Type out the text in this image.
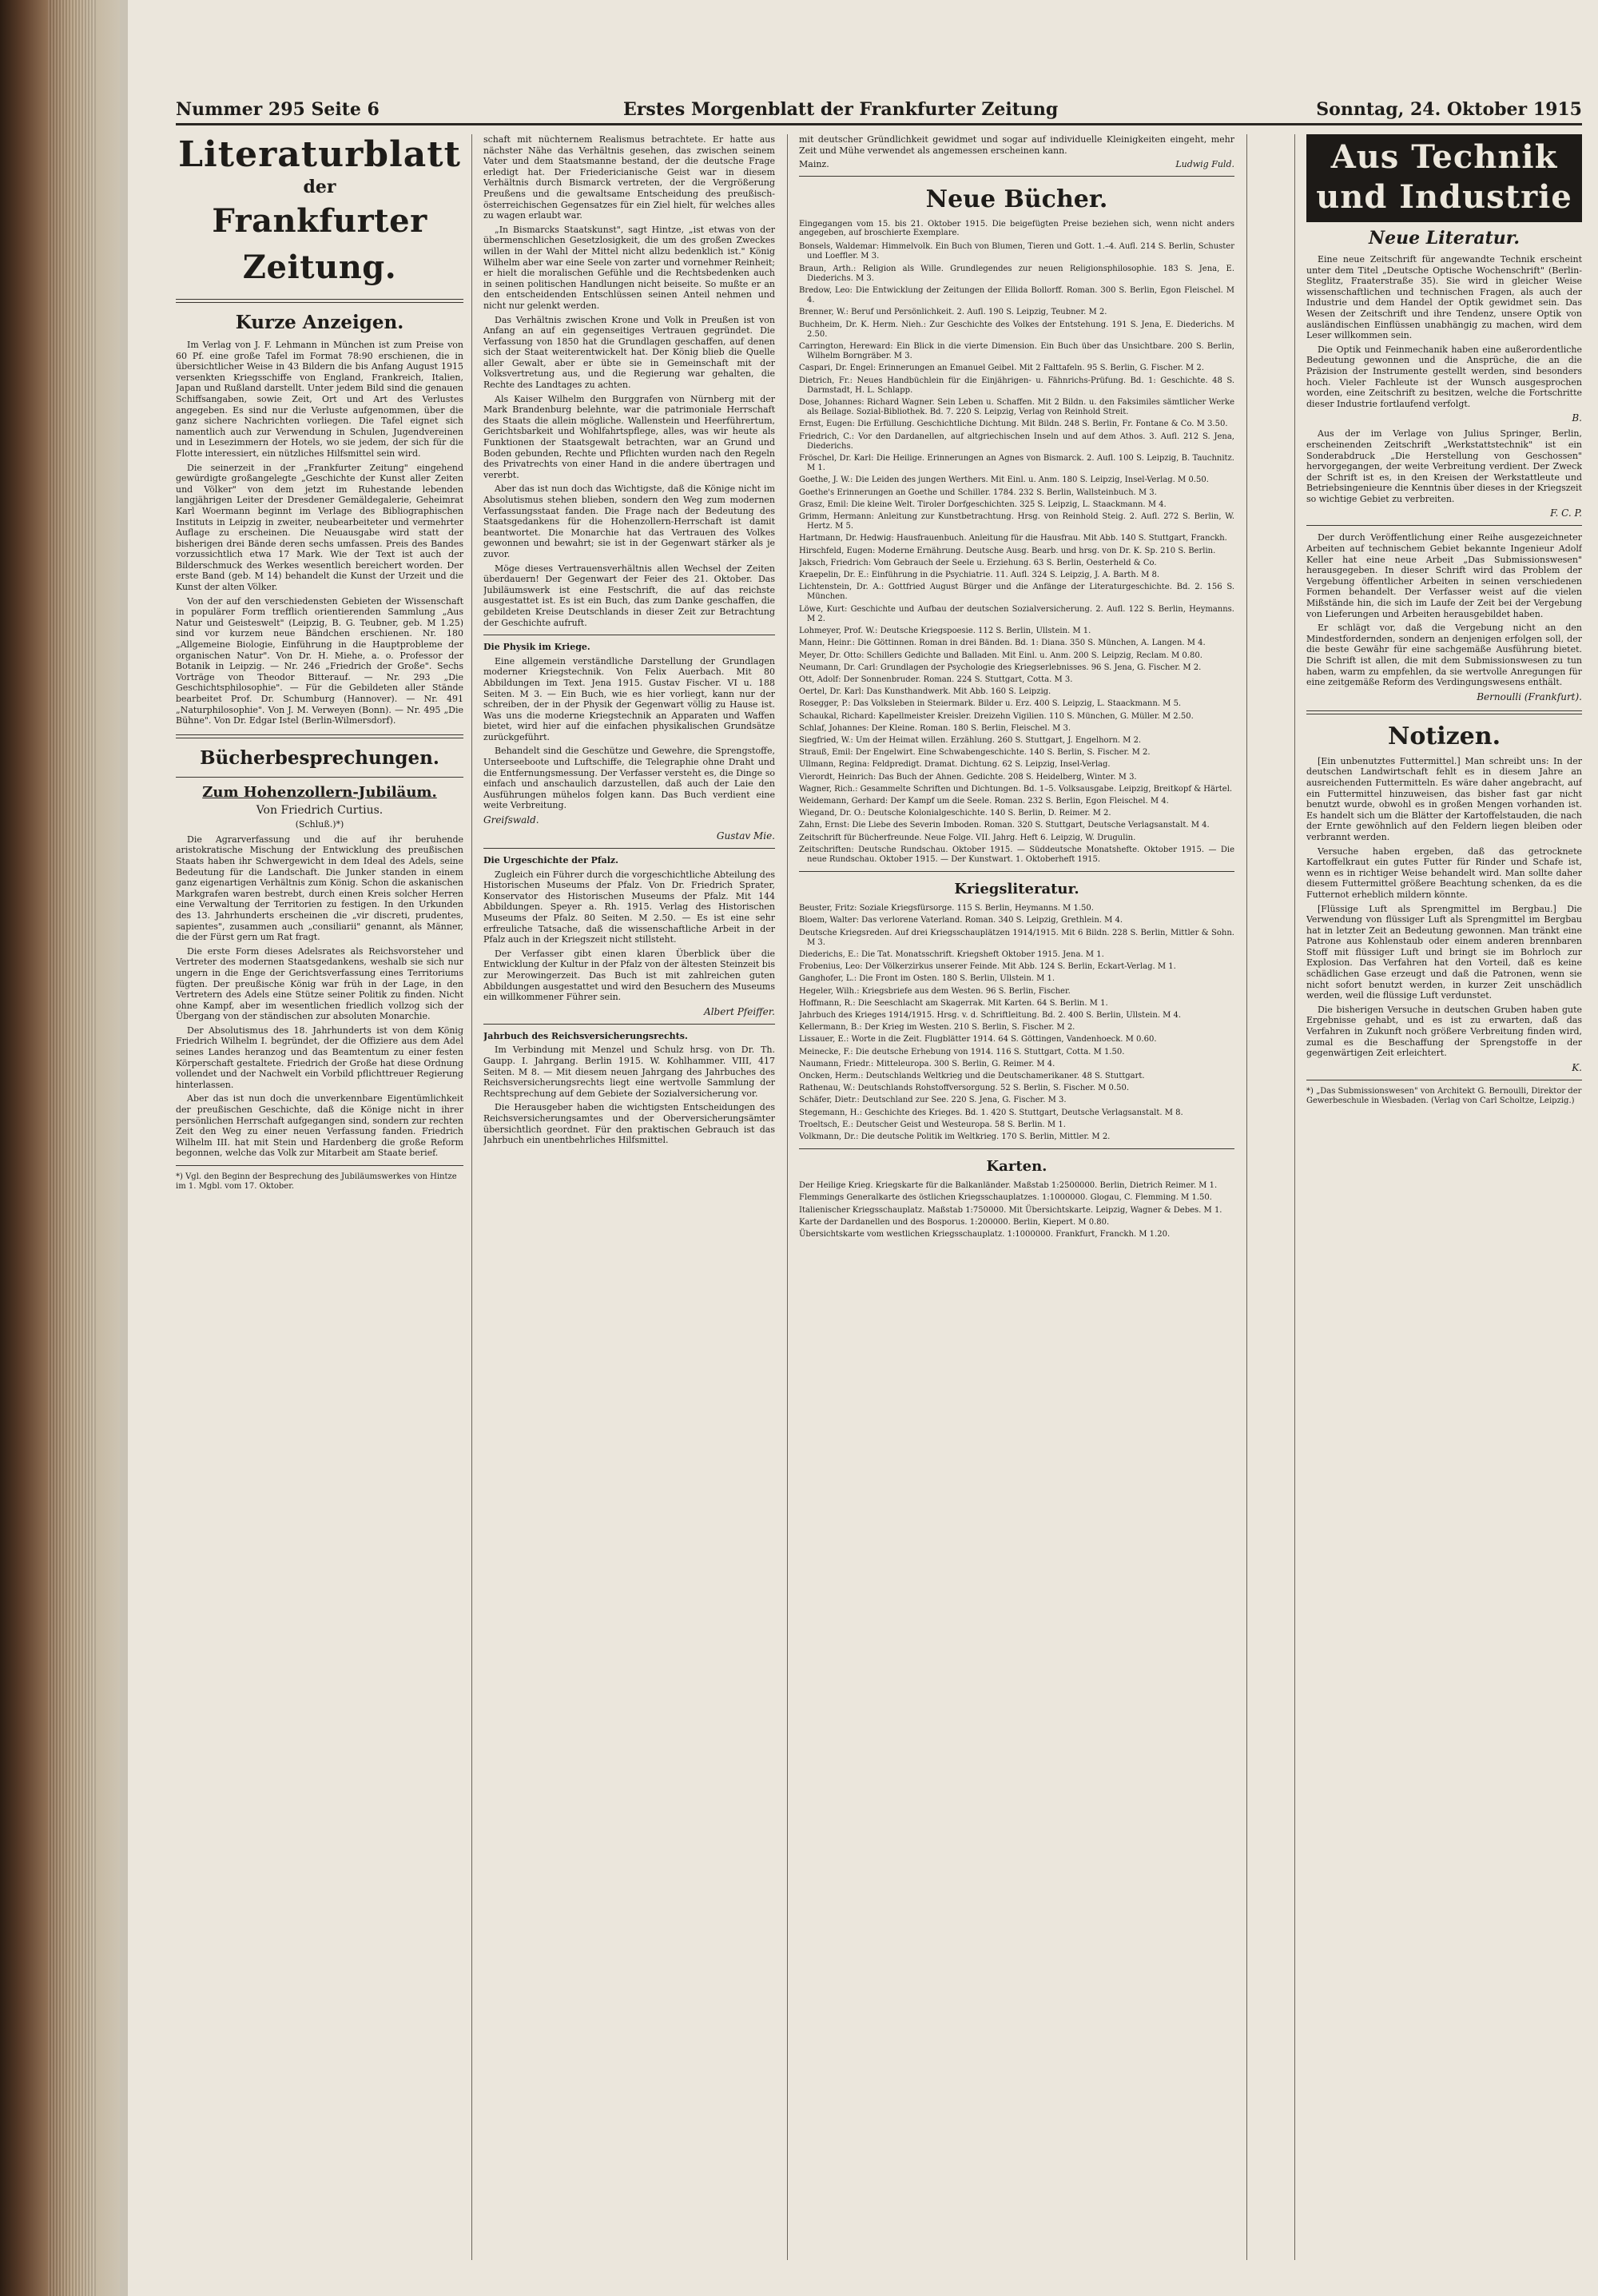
Nummer 295 Seite 6	Erstes Morgenblatt der Frankfurter Zeitung	Sonntag, 24. Oktober 1915
Literaturblatt
der
Frankfurter Zeitung.
Kurze Anzeigen.

Im Verlag von J. F. Lehmann in München ist zum Preise von 60 Pf. eine große Tafel im Format 78:90 erschienen, die in übersichtlicher Weise in 43 Bildern die bis Anfang August 1915 versenkten Kriegsschiffe von England, Frankreich, Italien, Japan und Rußland darstellt. Unter jedem Bild sind die genauen Schiffsangaben, sowie Zeit, Ort und Art des Verlustes angegeben. Es sind nur die Verluste aufgenommen, über die ganz sichere Nachrichten vorliegen. Die Tafel eignet sich namentlich auch zur Verwendung in Schulen, Jugendvereinen und in Lesezimmern der Hotels, wo sie jedem, der sich für die Flotte interessiert, ein nützliches Hilfsmittel sein wird.

Die seinerzeit in der „Frankfurter Zeitung" eingehend gewürdigte großangelegte „Geschichte der Kunst aller Zeiten und Völker" von dem jetzt im Ruhestande lebenden langjährigen Leiter der Dresdener Gemäldegalerie, Geheimrat Karl Woermann beginnt im Verlage des Bibliographischen Instituts in Leipzig in zweiter, neubearbeiteter und vermehrter Auflage zu erscheinen. Die Neuausgabe wird statt der bisherigen drei Bände deren sechs umfassen. Preis des Bandes vorzussichtlich etwa 17 Mark. Wie der Text ist auch der Bilderschmuck des Werkes wesentlich bereichert worden. Der erste Band (geb. M 14) behandelt die Kunst der Urzeit und die Kunst der alten Völker.

Von der auf den verschiedensten Gebieten der Wissenschaft in populärer Form trefflich orientierenden Sammlung „Aus Natur und Geisteswelt" (Leipzig, B. G. Teubner, geb. M 1.25) sind vor kurzem neue Bändchen erschienen. Nr. 180 „Allgemeine Biologie, Einführung in die Hauptprobleme der organischen Natur". Von Dr. H. Miehe, a. o. Professor der Botanik in Leipzig. — Nr. 246 „Friedrich der Große". Sechs Vorträge von Theodor Bitterauf. — Nr. 293 „Die Geschichtsphilosophie". — Für die Gebildeten aller Stände bearbeitet Prof. Dr. Schumburg (Hannover). — Nr. 491 „Naturphilosophie". Von J. M. Verweyen (Bonn). — Nr. 495 „Die Bühne". Von Dr. Edgar Istel (Berlin-Wilmersdorf).

Bücherbesprechungen.
Zum Hohenzollern-Jubiläum.
Von Friedrich Curtius.
(Schluß.)*)

Die Agrarverfassung und die auf ihr beruhende aristokratische Mischung der Entwicklung des preußischen Staats haben ihr Schwergewicht in dem Ideal des Adels, seine Bedeutung für die Landschaft. Die Junker standen in einem ganz eigenartigen Verhältnis zum König. Schon die askanischen Markgrafen waren bestrebt, durch einen Kreis solcher Herren eine Verwaltung der Territorien zu festigen. In den Urkunden des 13. Jahrhunderts erscheinen die „vir discreti, prudentes, sapientes", zusammen auch „consiliarii" genannt, als Männer, die der Fürst gern um Rat fragt.

Die erste Form dieses Adelsrates als Reichsvorsteher und Vertreter des modernen Staatsgedankens, weshalb sie sich nur ungern in die Enge der Gerichtsverfassung eines Territoriums fügten. Der preußische König war früh in der Lage, in den Vertretern des Adels eine Stütze seiner Politik zu finden. Nicht ohne Kampf, aber im wesentlichen friedlich vollzog sich der Übergang von der ständischen zur absoluten Monarchie.

Der Absolutismus des 18. Jahrhunderts ist von dem König Friedrich Wilhelm I. begründet, der die Offiziere aus dem Adel seines Landes heranzog und das Beamtentum zu einer festen Körperschaft gestaltete. Friedrich der Große hat diese Ordnung vollendet und der Nachwelt ein Vorbild pflichttreuer Regierung hinterlassen.

Aber das ist nun doch die unverkennbare Eigentümlichkeit der preußischen Geschichte, daß die Könige nicht in ihrer persönlichen Herrschaft aufgegangen sind, sondern zur rechten Zeit den Weg zu einer neuen Verfassung fanden. Friedrich Wilhelm III. hat mit Stein und Hardenberg die große Reform begonnen, welche das Volk zur Mitarbeit am Staate berief.

*) Vgl. den Beginn der Besprechung des Jubiläumswerkes von Hintze im 1. Mgbl. vom 17. Oktober.

schaft mit nüchternem Realismus betrachtete. Er hatte aus nächster Nähe das Verhältnis gesehen, das zwischen seinem Vater und dem Staatsmanne bestand, der die deutsche Frage erledigt hat. Der Friedericianische Geist war in diesem Verhältnis durch Bismarck vertreten, der die Vergrößerung Preußens und die gewaltsame Entscheidung des preußisch-österreichischen Gegensatzes für ein Ziel hielt, für welches alles zu wagen erlaubt war.

„In Bismarcks Staatskunst", sagt Hintze, „ist etwas von der übermenschlichen Gesetzlosigkeit, die um des großen Zweckes willen in der Wahl der Mittel nicht allzu bedenklich ist." König Wilhelm aber war eine Seele von zarter und vornehmer Reinheit; er hielt die moralischen Gefühle und die Rechtsbedenken auch in seinen politischen Handlungen nicht beiseite. So mußte er an den entscheidenden Entschlüssen seinen Anteil nehmen und nicht nur gelenkt werden.

Das Verhältnis zwischen Krone und Volk in Preußen ist von Anfang an auf ein gegenseitiges Vertrauen gegründet. Die Verfassung von 1850 hat die Grundlagen geschaffen, auf denen sich der Staat weiterentwickelt hat. Der König blieb die Quelle aller Gewalt, aber er übte sie in Gemeinschaft mit der Volksvertretung aus, und die Regierung war gehalten, die Rechte des Landtages zu achten.

Als Kaiser Wilhelm den Burggrafen von Nürnberg mit der Mark Brandenburg belehnte, war die patrimoniale Herrschaft des Staats die allein mögliche. Wallenstein und Heerführertum, Gerichtsbarkeit und Wohlfahrtspflege, alles, was wir heute als Funktionen der Staatsgewalt betrachten, war an Grund und Boden gebunden, Rechte und Pflichten wurden nach den Regeln des Privatrechts von einer Hand in die andere übertragen und vererbt.

Aber das ist nun doch das Wichtigste, daß die Könige nicht im Absolutismus stehen blieben, sondern den Weg zum modernen Verfassungsstaat fanden. Die Frage nach der Bedeutung des Staatsgedankens für die Hohenzollern-Herrschaft ist damit beantwortet. Die Monarchie hat das Vertrauen des Volkes gewonnen und bewahrt; sie ist in der Gegenwart stärker als je zuvor.

Möge dieses Vertrauensverhältnis allen Wechsel der Zeiten überdauern! Der Gegenwart der Feier des 21. Oktober. Das Jubiläumswerk ist eine Festschrift, die auf das reichste ausgestattet ist. Es ist ein Buch, das zum Danke geschaffen, die gebildeten Kreise Deutschlands in dieser Zeit zur Betrachtung der Geschichte aufruft.

Die Physik im Kriege.

Eine allgemein verständliche Darstellung der Grundlagen moderner Kriegstechnik. Von Felix Auerbach. Mit 80 Abbildungen im Text. Jena 1915. Gustav Fischer. VI u. 188 Seiten. M 3. — Ein Buch, wie es hier vorliegt, kann nur der schreiben, der in der Physik der Gegenwart völlig zu Hause ist. Was uns die moderne Kriegstechnik an Apparaten und Waffen bietet, wird hier auf die einfachen physikalischen Grundsätze zurückgeführt.

Behandelt sind die Geschütze und Gewehre, die Sprengstoffe, Unterseeboote und Luftschiffe, die Telegraphie ohne Draht und die Entfernungsmessung. Der Verfasser versteht es, die Dinge so einfach und anschaulich darzustellen, daß auch der Laie den Ausführungen mühelos folgen kann. Das Buch verdient eine weite Verbreitung.

Greifswald.
Gustav Mie.

Die Urgeschichte der Pfalz.

Zugleich ein Führer durch die vorgeschichtliche Abteilung des Historischen Museums der Pfalz. Von Dr. Friedrich Sprater, Konservator des Historischen Museums der Pfalz. Mit 144 Abbildungen. Speyer a. Rh. 1915. Verlag des Historischen Museums der Pfalz. 80 Seiten. M 2.50. — Es ist eine sehr erfreuliche Tatsache, daß die wissenschaftliche Arbeit in der Pfalz auch in der Kriegszeit nicht stillsteht.

Der Verfasser gibt einen klaren Überblick über die Entwicklung der Kultur in der Pfalz von der ältesten Steinzeit bis zur Merowingerzeit. Das Buch ist mit zahlreichen guten Abbildungen ausgestattet und wird den Besuchern des Museums ein willkommener Führer sein.

Albert Pfeiffer.

Jahrbuch des Reichsversicherungsrechts.

Im Verbindung mit Menzel und Schulz hrsg. von Dr. Th. Gaupp. I. Jahrgang. Berlin 1915. W. Kohlhammer. VIII, 417 Seiten. M 8. — Mit diesem neuen Jahrgang des Jahrbuches des Reichsversicherungsrechts liegt eine wertvolle Sammlung der Rechtsprechung auf dem Gebiete der Sozialversicherung vor.

Die Herausgeber haben die wichtigsten Entscheidungen des Reichsversicherungsamtes und der Oberversicherungsämter übersichtlich geordnet. Für den praktischen Gebrauch ist das Jahrbuch ein unentbehrliches Hilfsmittel.

mit deutscher Gründlichkeit gewidmet und sogar auf individuelle Kleinigkeiten eingeht, mehr Zeit und Mühe verwendet als angemessen erscheinen kann.

Mainz.	Ludwig Fuld.
Neue Bücher.
Eingegangen vom 15. bis 21. Oktober 1915. Die beigefügten Preise beziehen sich, wenn nicht anders angegeben, auf broschierte Exemplare.
Bonsels, Waldemar: Himmelvolk. Ein Buch von Blumen, Tieren und Gott. 1.–4. Aufl. 214 S. Berlin, Schuster und Loeffler. M 3.
Braun, Arth.: Religion als Wille. Grundlegendes zur neuen Religionsphilosophie. 183 S. Jena, E. Diederichs. M 3.
Bredow, Leo: Die Entwicklung der Zeitungen der Ellida Bollorff. Roman. 300 S. Berlin, Egon Fleischel. M 4.
Brenner, W.: Beruf und Persönlichkeit. 2. Aufl. 190 S. Leipzig, Teubner. M 2.
Buchheim, Dr. K. Herm. Nieh.: Zur Geschichte des Volkes der Entstehung. 191 S. Jena, E. Diederichs. M 2.50.
Carrington, Hereward: Ein Blick in die vierte Dimension. Ein Buch über das Unsichtbare. 200 S. Berlin, Wilhelm Borngräber. M 3.
Caspari, Dr. Engel: Erinnerungen an Emanuel Geibel. Mit 2 Falttafeln. 95 S. Berlin, G. Fischer. M 2.
Dietrich, Fr.: Neues Handbüchlein für die Einjährigen- u. Fähnrichs-Prüfung. Bd. 1: Geschichte. 48 S. Darmstadt, H. L. Schlapp.
Dose, Johannes: Richard Wagner. Sein Leben u. Schaffen. Mit 2 Bildn. u. den Faksimiles sämtlicher Werke als Beilage. Sozial-Bibliothek. Bd. 7. 220 S. Leipzig, Verlag von Reinhold Streit.
Ernst, Eugen: Die Erfüllung. Geschichtliche Dichtung. Mit Bildn. 248 S. Berlin, Fr. Fontane & Co. M 3.50.
Friedrich, C.: Vor den Dardanellen, auf altgriechischen Inseln und auf dem Athos. 3. Aufl. 212 S. Jena, Diederichs.
Fröschel, Dr. Karl: Die Heilige. Erinnerungen an Agnes von Bismarck. 2. Aufl. 100 S. Leipzig, B. Tauchnitz. M 1.
Goethe, J. W.: Die Leiden des jungen Werthers. Mit Einl. u. Anm. 180 S. Leipzig, Insel-Verlag. M 0.50.
Goethe's Erinnerungen an Goethe und Schiller. 1784. 232 S. Berlin, Wallsteinbuch. M 3.
Grasz, Emil: Die kleine Welt. Tiroler Dorfgeschichten. 325 S. Leipzig, L. Staackmann. M 4.
Grimm, Hermann: Anleitung zur Kunstbetrachtung. Hrsg. von Reinhold Steig. 2. Aufl. 272 S. Berlin, W. Hertz. M 5.
Hartmann, Dr. Hedwig: Hausfrauenbuch. Anleitung für die Hausfrau. Mit Abb. 140 S. Stuttgart, Franckh.
Hirschfeld, Eugen: Moderne Ernährung. Deutsche Ausg. Bearb. und hrsg. von Dr. K. Sp. 210 S. Berlin.
Jaksch, Friedrich: Vom Gebrauch der Seele u. Erziehung. 63 S. Berlin, Oesterheld & Co.
Kraepelin, Dr. E.: Einführung in die Psychiatrie. 11. Aufl. 324 S. Leipzig, J. A. Barth. M 8.
Lichtenstein, Dr. A.: Gottfried August Bürger und die Anfänge der Literaturgeschichte. Bd. 2. 156 S. München.
Löwe, Kurt: Geschichte und Aufbau der deutschen Sozialversicherung. 2. Aufl. 122 S. Berlin, Heymanns. M 2.
Lohmeyer, Prof. W.: Deutsche Kriegspoesie. 112 S. Berlin, Ullstein. M 1.
Mann, Heinr.: Die Göttinnen. Roman in drei Bänden. Bd. 1: Diana. 350 S. München, A. Langen. M 4.
Meyer, Dr. Otto: Schillers Gedichte und Balladen. Mit Einl. u. Anm. 200 S. Leipzig, Reclam. M 0.80.
Neumann, Dr. Carl: Grundlagen der Psychologie des Kriegserlebnisses. 96 S. Jena, G. Fischer. M 2.
Ott, Adolf: Der Sonnenbruder. Roman. 224 S. Stuttgart, Cotta. M 3.
Oertel, Dr. Karl: Das Kunsthandwerk. Mit Abb. 160 S. Leipzig.
Rosegger, P.: Das Volksleben in Steiermark. Bilder u. Erz. 400 S. Leipzig, L. Staackmann. M 5.
Schaukal, Richard: Kapellmeister Kreisler. Dreizehn Vigilien. 110 S. München, G. Müller. M 2.50.
Schlaf, Johannes: Der Kleine. Roman. 180 S. Berlin, Fleischel. M 3.
Siegfried, W.: Um der Heimat willen. Erzählung. 260 S. Stuttgart, J. Engelhorn. M 2.
Strauß, Emil: Der Engelwirt. Eine Schwabengeschichte. 140 S. Berlin, S. Fischer. M 2.
Ullmann, Regina: Feldpredigt. Dramat. Dichtung. 62 S. Leipzig, Insel-Verlag.
Vierordt, Heinrich: Das Buch der Ahnen. Gedichte. 208 S. Heidelberg, Winter. M 3.
Wagner, Rich.: Gesammelte Schriften und Dichtungen. Bd. 1–5. Volksausgabe. Leipzig, Breitkopf & Härtel.
Weidemann, Gerhard: Der Kampf um die Seele. Roman. 232 S. Berlin, Egon Fleischel. M 4.
Wiegand, Dr. O.: Deutsche Kolonialgeschichte. 140 S. Berlin, D. Reimer. M 2.
Zahn, Ernst: Die Liebe des Severin Imboden. Roman. 320 S. Stuttgart, Deutsche Verlagsanstalt. M 4.
Zeitschrift für Bücherfreunde. Neue Folge. VII. Jahrg. Heft 6. Leipzig, W. Drugulin.
Zeitschriften: Deutsche Rundschau. Oktober 1915. — Süddeutsche Monatshefte. Oktober 1915. — Die neue Rundschau. Oktober 1915. — Der Kunstwart. 1. Oktoberheft 1915.
Kriegsliteratur.
Beuster, Fritz: Soziale Kriegsfürsorge. 115 S. Berlin, Heymanns. M 1.50.
Bloem, Walter: Das verlorene Vaterland. Roman. 340 S. Leipzig, Grethlein. M 4.
Deutsche Kriegsreden. Auf drei Kriegsschauplätzen 1914/1915. Mit 6 Bildn. 228 S. Berlin, Mittler & Sohn. M 3.
Diederichs, E.: Die Tat. Monatsschrift. Kriegsheft Oktober 1915. Jena. M 1.
Frobenius, Leo: Der Völkerzirkus unserer Feinde. Mit Abb. 124 S. Berlin, Eckart-Verlag. M 1.
Ganghofer, L.: Die Front im Osten. 180 S. Berlin, Ullstein. M 1.
Hegeler, Wilh.: Kriegsbriefe aus dem Westen. 96 S. Berlin, Fischer.
Hoffmann, R.: Die Seeschlacht am Skagerrak. Mit Karten. 64 S. Berlin. M 1.
Jahrbuch des Krieges 1914/1915. Hrsg. v. d. Schriftleitung. Bd. 2. 400 S. Berlin, Ullstein. M 4.
Kellermann, B.: Der Krieg im Westen. 210 S. Berlin, S. Fischer. M 2.
Lissauer, E.: Worte in die Zeit. Flugblätter 1914. 64 S. Göttingen, Vandenhoeck. M 0.60.
Meinecke, F.: Die deutsche Erhebung von 1914. 116 S. Stuttgart, Cotta. M 1.50.
Naumann, Friedr.: Mitteleuropa. 300 S. Berlin, G. Reimer. M 4.
Oncken, Herm.: Deutschlands Weltkrieg und die Deutschamerikaner. 48 S. Stuttgart.
Rathenau, W.: Deutschlands Rohstoffversorgung. 52 S. Berlin, S. Fischer. M 0.50.
Schäfer, Dietr.: Deutschland zur See. 220 S. Jena, G. Fischer. M 3.
Stegemann, H.: Geschichte des Krieges. Bd. 1. 420 S. Stuttgart, Deutsche Verlagsanstalt. M 8.
Troeltsch, E.: Deutscher Geist und Westeuropa. 58 S. Berlin. M 1.
Volkmann, Dr.: Die deutsche Politik im Weltkrieg. 170 S. Berlin, Mittler. M 2.
Karten.
Der Heilige Krieg. Kriegskarte für die Balkanländer. Maßstab 1:2500000. Berlin, Dietrich Reimer. M 1.
Flemmings Generalkarte des östlichen Kriegsschauplatzes. 1:1000000. Glogau, C. Flemming. M 1.50.
Italienischer Kriegsschauplatz. Maßstab 1:750000. Mit Übersichtskarte. Leipzig, Wagner & Debes. M 1.
Karte der Dardanellen und des Bosporus. 1:200000. Berlin, Kiepert. M 0.80.
Übersichtskarte vom westlichen Kriegsschauplatz. 1:1000000. Frankfurt, Franckh. M 1.20.
Aus Technik und Industrie
Neue Literatur.

Eine neue Zeitschrift für angewandte Technik erscheint unter dem Titel „Deutsche Optische Wochenschrift" (Berlin-Steglitz, Fraaterstraße 35). Sie wird in gleicher Weise wissenschaftlichen und technischen Fragen, als auch der Industrie und dem Handel der Optik gewidmet sein. Das Wesen der Zeitschrift und ihre Tendenz, unsere Optik von ausländischen Einflüssen unabhängig zu machen, wird dem Leser willkommen sein.

Die Optik und Feinmechanik haben eine außerordentliche Bedeutung gewonnen und die Ansprüche, die an die Präzision der Instrumente gestellt werden, sind besonders hoch. Vieler Fachleute ist der Wunsch ausgesprochen worden, eine Zeitschrift zu besitzen, welche die Fortschritte dieser Industrie fortlaufend verfolgt.

B.

Aus der im Verlage von Julius Springer, Berlin, erscheinenden Zeitschrift „Werkstattstechnik" ist ein Sonderabdruck „Die Herstellung von Geschossen" hervorgegangen, der weite Verbreitung verdient. Der Zweck der Schrift ist es, in den Kreisen der Werkstattleute und Betriebsingenieure die Kenntnis über dieses in der Kriegszeit so wichtige Gebiet zu verbreiten.

F. C. P.

Der durch Veröffentlichung einer Reihe ausgezeichneter Arbeiten auf technischem Gebiet bekannte Ingenieur Adolf Keller hat eine neue Arbeit „Das Submissionswesen" herausgegeben. In dieser Schrift wird das Problem der Vergebung öffentlicher Arbeiten in seinen verschiedenen Formen behandelt. Der Verfasser weist auf die vielen Mißstände hin, die sich im Laufe der Zeit bei der Vergebung von Lieferungen und Arbeiten herausgebildet haben.

Er schlägt vor, daß die Vergebung nicht an den Mindestfordernden, sondern an denjenigen erfolgen soll, der die beste Gewähr für eine sachgemäße Ausführung bietet. Die Schrift ist allen, die mit dem Submissionswesen zu tun haben, warm zu empfehlen, da sie wertvolle Anregungen für eine zeitgemäße Reform des Verdingungswesens enthält.

Bernoulli (Frankfurt).
Notizen.

[Ein unbenutztes Futtermittel.] Man schreibt uns: In der deutschen Landwirtschaft fehlt es in diesem Jahre an ausreichenden Futtermitteln. Es wäre daher angebracht, auf ein Futtermittel hinzuweisen, das bisher fast gar nicht benutzt wurde, obwohl es in großen Mengen vorhanden ist. Es handelt sich um die Blätter der Kartoffelstauden, die nach der Ernte gewöhnlich auf den Feldern liegen bleiben oder verbrannt werden.

Versuche haben ergeben, daß das getrocknete Kartoffelkraut ein gutes Futter für Rinder und Schafe ist, wenn es in richtiger Weise behandelt wird. Man sollte daher diesem Futtermittel größere Beachtung schenken, da es die Futternot erheblich mildern könnte.

[Flüssige Luft als Sprengmittel im Bergbau.] Die Verwendung von flüssiger Luft als Sprengmittel im Bergbau hat in letzter Zeit an Bedeutung gewonnen. Man tränkt eine Patrone aus Kohlenstaub oder einem anderen brennbaren Stoff mit flüssiger Luft und bringt sie im Bohrloch zur Explosion. Das Verfahren hat den Vorteil, daß es keine schädlichen Gase erzeugt und daß die Patronen, wenn sie nicht sofort benutzt werden, in kurzer Zeit unschädlich werden, weil die flüssige Luft verdunstet.

Die bisherigen Versuche in deutschen Gruben haben gute Ergebnisse gehabt, und es ist zu erwarten, daß das Verfahren in Zukunft noch größere Verbreitung finden wird, zumal es die Beschaffung der Sprengstoffe in der gegenwärtigen Zeit erleichtert.

K.
*) „Das Submissionswesen" von Architekt G. Bernoulli, Direktor der Gewerbeschule in Wiesbaden. (Verlag von Carl Scholtze, Leipzig.)
